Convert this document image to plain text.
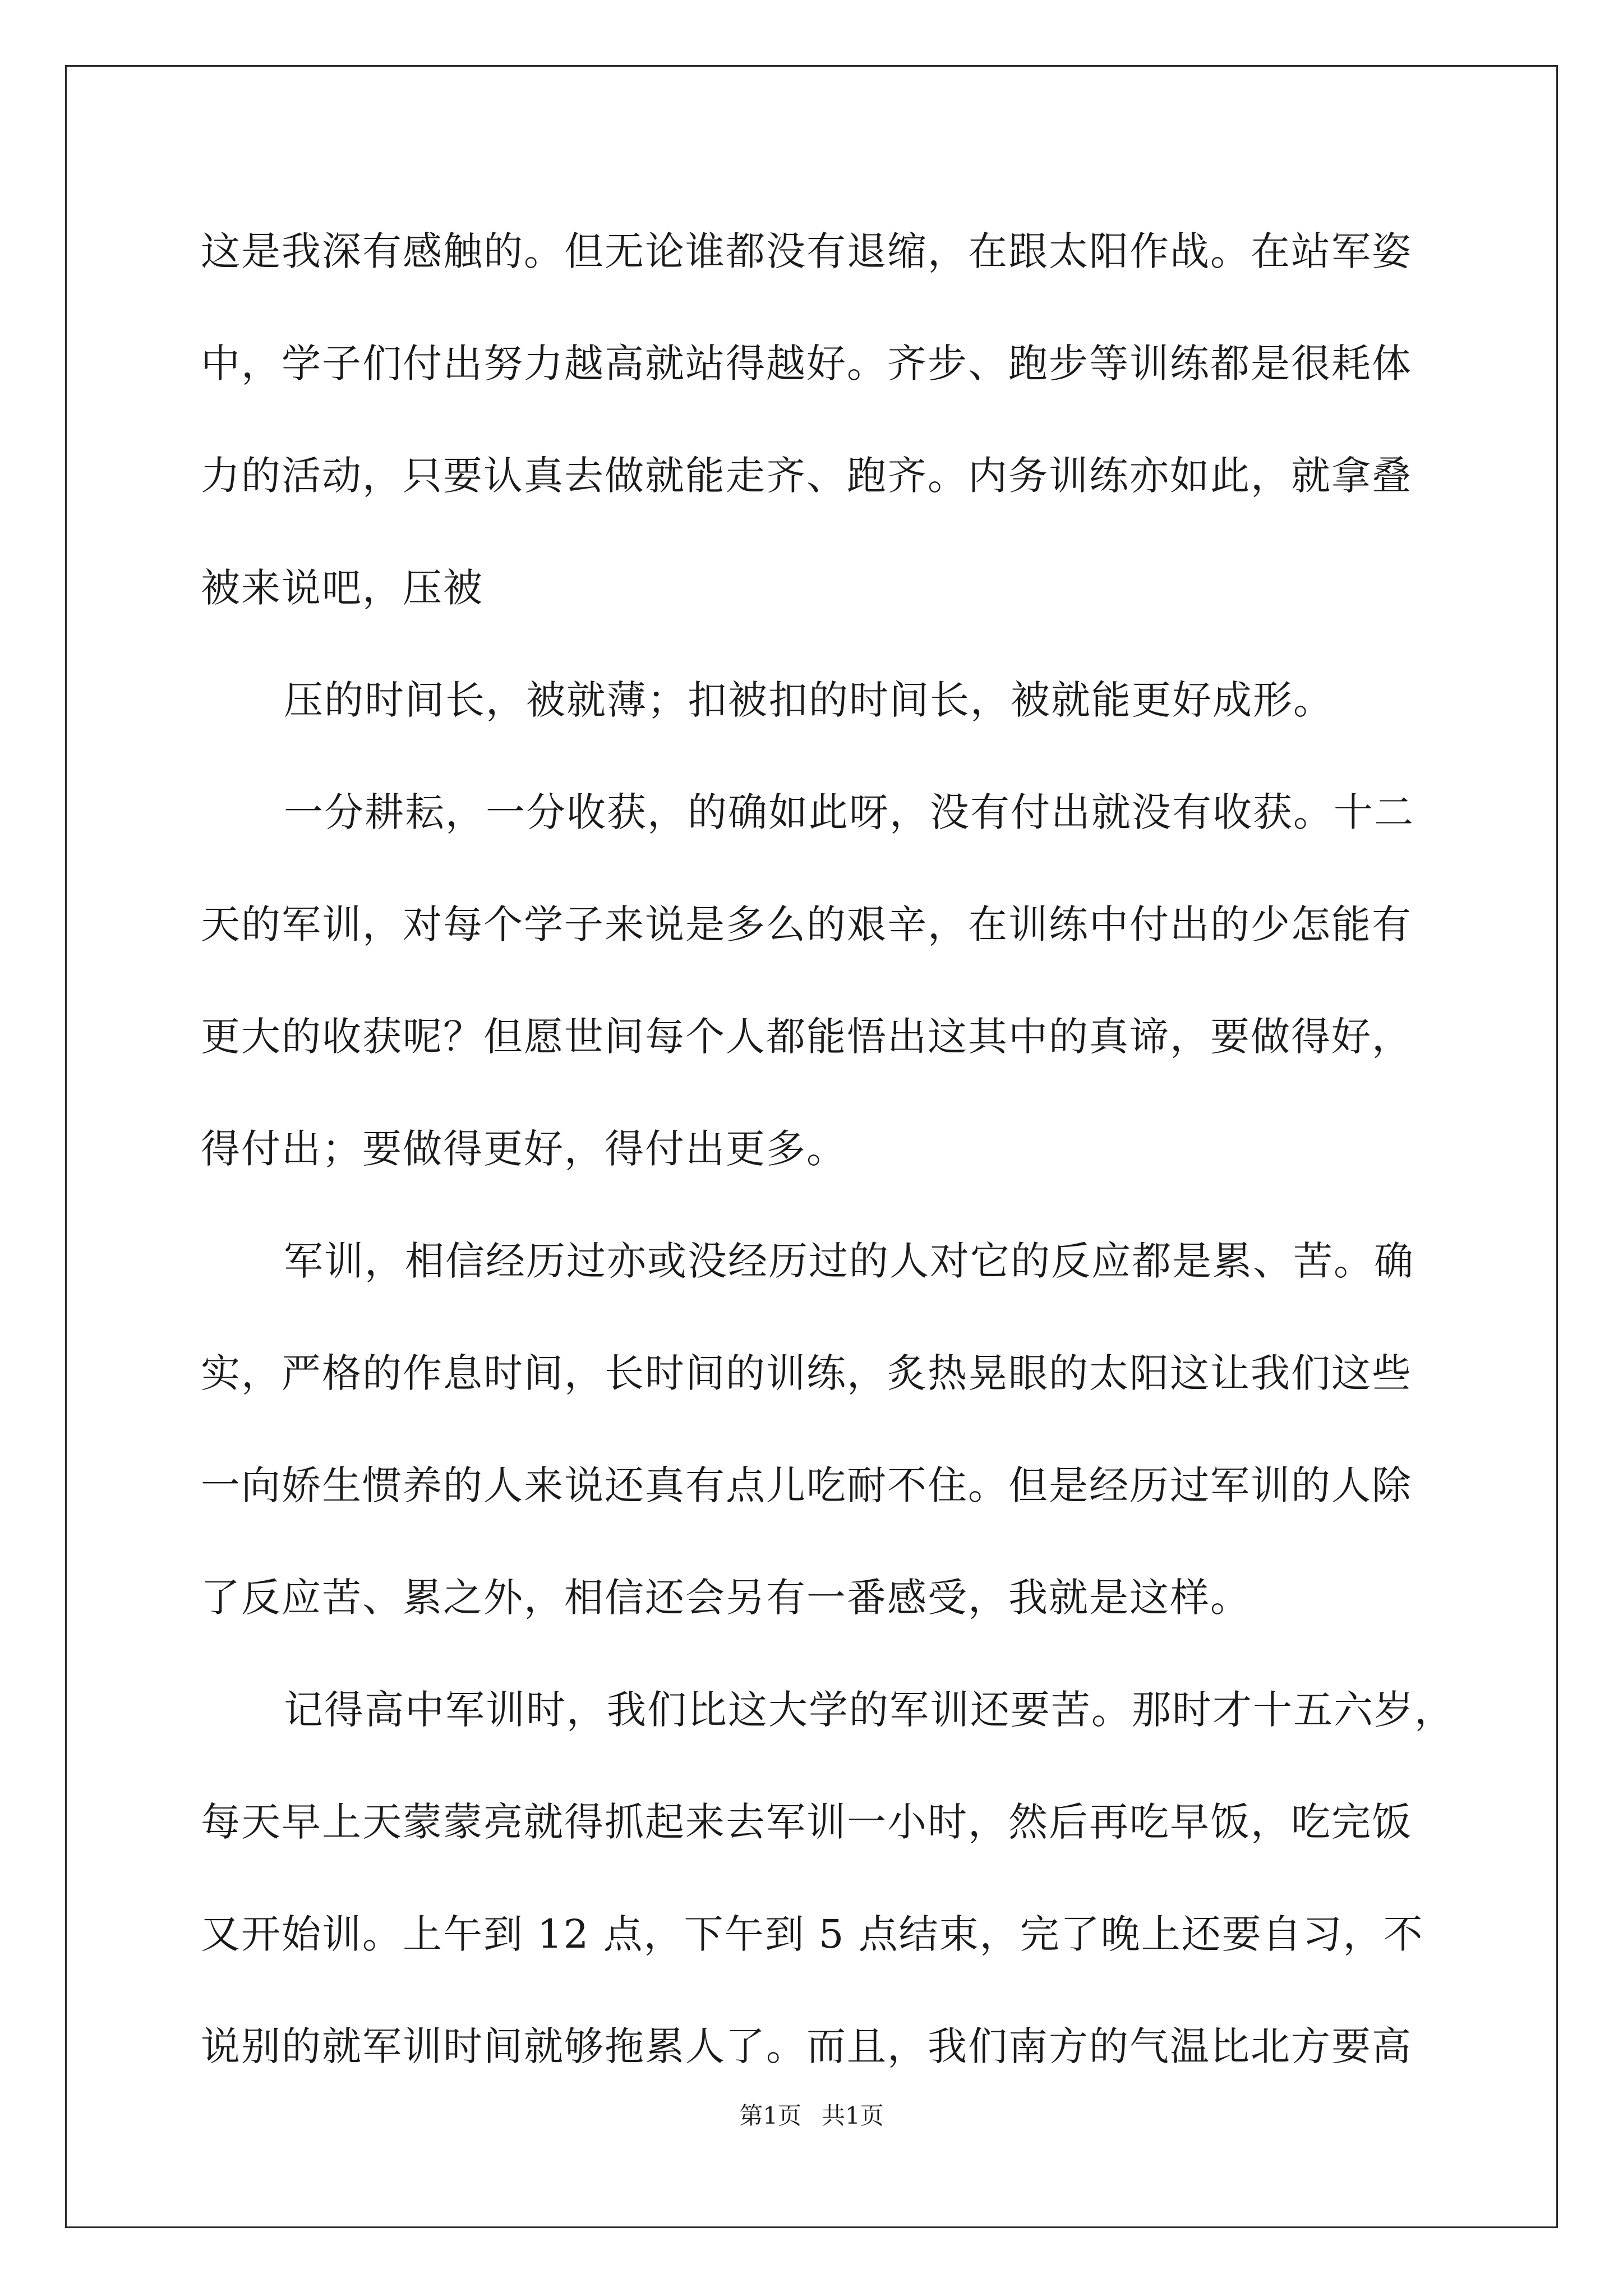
这是我深有感触的。但无论谁都没有退缩，在跟太阳作战。在站军姿
中，学子们付出努力越高就站得越好。齐步、跑步等训练都是很耗体
力的活动，只要认真去做就能走齐、跑齐。内务训练亦如此，就拿叠
被来说吧，压被
压的时间长，被就薄；扣被扣的时间长，被就能更好成形。
一分耕耘，一分收获，的确如此呀，没有付出就没有收获。十二
天的军训，对每个学子来说是多么的艰辛，在训练中付出的少怎能有
更大的收获呢？但愿世间每个人都能悟出这其中的真谛，要做得好，
得付出；要做得更好，得付出更多。
军训，相信经历过亦或没经历过的人对它的反应都是累、苦。确
实，严格的作息时间，长时间的训练，炙热晃眼的太阳这让我们这些
一向娇生惯养的人来说还真有点儿吃耐不住。但是经历过军训的人除
了反应苦、累之外，相信还会另有一番感受，我就是这样。
记得高中军训时，我们比这大学的军训还要苦。那时才十五六岁，
每天早上天蒙蒙亮就得抓起来去军训一小时，然后再吃早饭，吃完饭
又开始训。上午到 12 点，下午到 5 点结束，完了晚上还要自习，不
说别的就军训时间就够拖累人了。而且，我们南方的气温比北方要高
第1页 共1页
